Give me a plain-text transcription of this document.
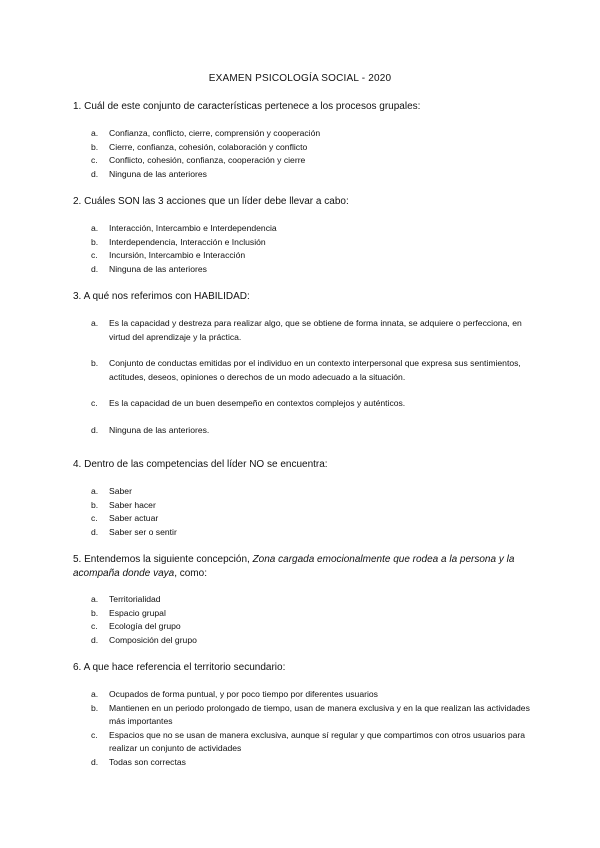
EXAMEN PSICOLOGÍA SOCIAL - 2020
1. Cuál de este conjunto de características pertenece a los procesos grupales:
a. Confianza, conflicto, cierre, comprensión y cooperación
b. Cierre, confianza, cohesión, colaboración y conflicto
c. Conflicto, cohesión, confianza, cooperación y cierre
d. Ninguna de las anteriores
2. Cuáles SON las 3 acciones que un líder debe llevar a cabo:
a. Interacción, Intercambio e Interdependencia
b. Interdependencia, Interacción e Inclusión
c. Incursión, Intercambio e Interacción
d. Ninguna de las anteriores
3. A qué nos referimos con HABILIDAD:
a. Es la capacidad y destreza para realizar algo, que se obtiene de forma innata, se adquiere o perfecciona, en virtud del aprendizaje y la práctica.
b. Conjunto de conductas emitidas por el individuo en un contexto interpersonal que expresa sus sentimientos, actitudes, deseos, opiniones o derechos de un modo adecuado a la situación.
c. Es la capacidad de un buen desempeño en contextos complejos y auténticos.
d. Ninguna de las anteriores.
4. Dentro de las competencias del líder NO se encuentra:
a. Saber
b. Saber hacer
c. Saber actuar
d. Saber ser o sentir
5. Entendemos la siguiente concepción, Zona cargada emocionalmente que rodea a la persona y la acompaña donde vaya, como:
a. Territorialidad
b. Espacio grupal
c. Ecología del grupo
d. Composición del grupo
6. A que hace referencia el territorio secundario:
a. Ocupados de forma puntual, y por poco tiempo por diferentes usuarios
b. Mantienen en un periodo prolongado de tiempo, usan de manera exclusiva y en la que realizan las actividades más importantes
c. Espacios que no se usan de manera exclusiva, aunque sí regular y que compartimos con otros usuarios para realizar un conjunto de actividades
d. Todas son correctas
